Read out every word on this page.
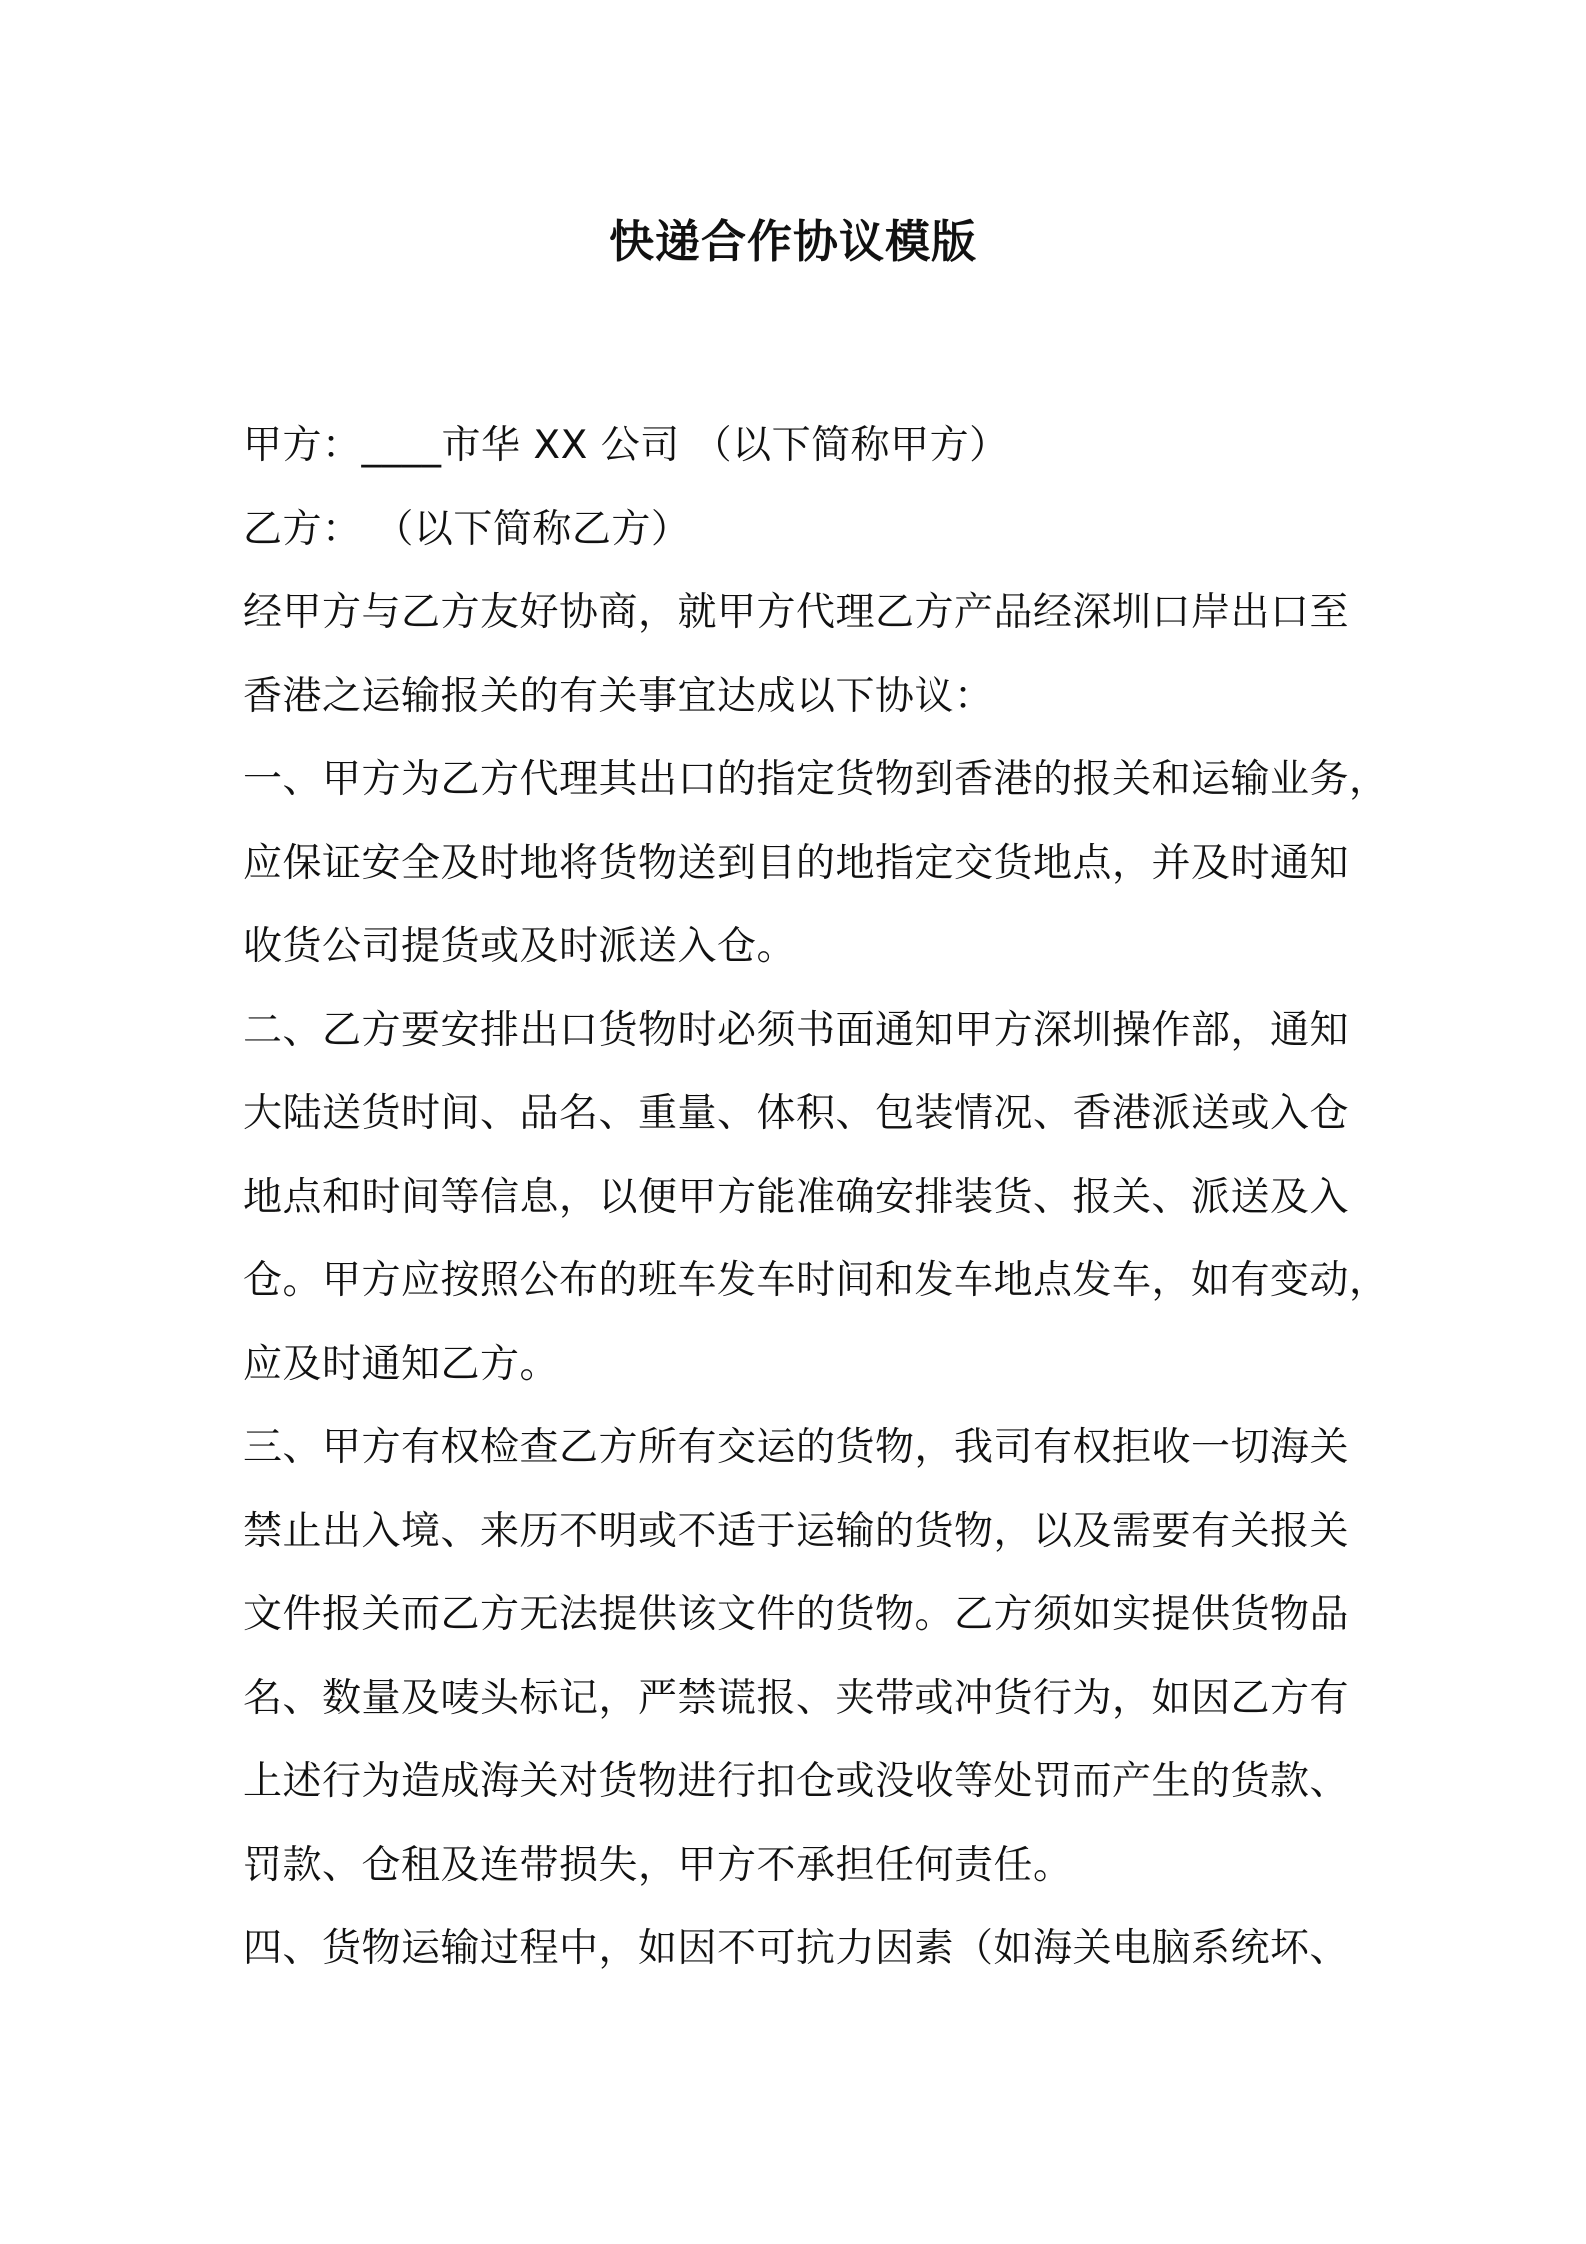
快递合作协议模版
甲方：____市华 XX 公司 （以下简称甲方）
乙方： （以下简称乙方）
经甲方与乙方友好协商，就甲方代理乙方产品经深圳口岸出口至
香港之运输报关的有关事宜达成以下协议：
一、甲方为乙方代理其出口的指定货物到香港的报关和运输业务，
应保证安全及时地将货物送到目的地指定交货地点，并及时通知
收货公司提货或及时派送入仓。
二、乙方要安排出口货物时必须书面通知甲方深圳操作部，通知
大陆送货时间、品名、重量、体积、包装情况、香港派送或入仓
地点和时间等信息，以便甲方能准确安排装货、报关、派送及入
仓。甲方应按照公布的班车发车时间和发车地点发车，如有变动，
应及时通知乙方。
三、甲方有权检查乙方所有交运的货物，我司有权拒收一切海关
禁止出入境、来历不明或不适于运输的货物，以及需要有关报关
文件报关而乙方无法提供该文件的货物。乙方须如实提供货物品
名、数量及唛头标记，严禁谎报、夹带或冲货行为，如因乙方有
上述行为造成海关对货物进行扣仓或没收等处罚而产生的货款、
罚款、仓租及连带损失，甲方不承担任何责任。
四、货物运输过程中，如因不可抗力因素（如海关电脑系统坏、
